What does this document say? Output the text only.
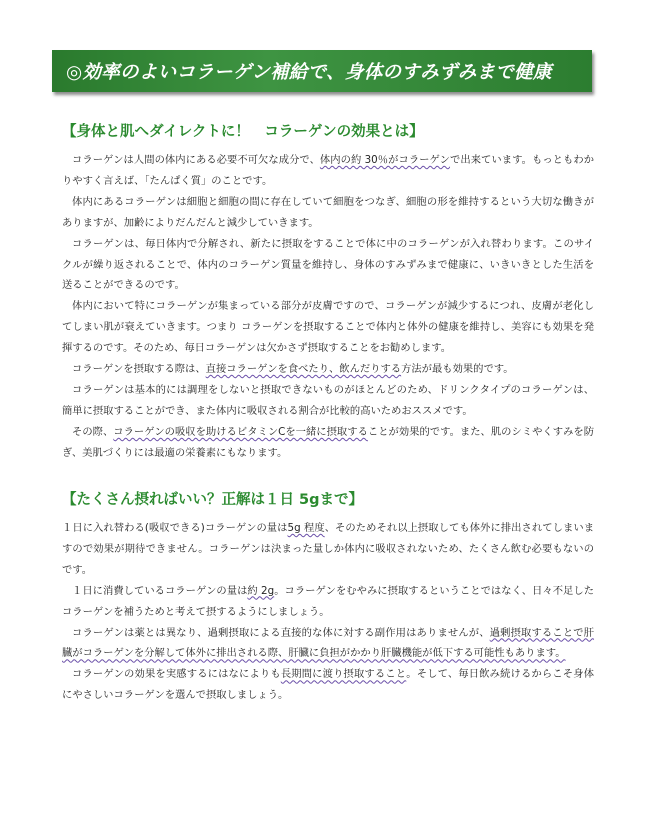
◎効率のよいコラーゲン補給で、身体のすみずみまで健康
【身体と肌へダイレクトに！　コラーゲンの効果とは】

コラーゲンは人間の体内にある必要不可欠な成分で、体内の約 30％がコラーゲンで出来ています。もっともわかりやすく言えば、「たんぱく質」のことです。

体内にあるコラーゲンは細胞と細胞の間に存在していて細胞をつなぎ、細胞の形を維持するという大切な働きがありますが、加齢によりだんだんと減少していきます。

コラーゲンは、毎日体内で分解され、新たに摂取をすることで体に中のコラーゲンが入れ替わります。このサイクルが繰り返されることで、体内のコラーゲン質量を維持し、身体のすみずみまで健康に、いきいきとした生活を送ることができるのです。

体内において特にコラーゲンが集まっている部分が皮膚ですので、コラーゲンが減少するにつれ、皮膚が老化してしまい肌が衰えていきます。つまり コラーゲンを摂取することで体内と体外の健康を維持し、美容にも効果を発揮するのです。そのため、毎日コラーゲンは欠かさず摂取することをお勧めします。

コラーゲンを摂取する際は、直接コラーゲンを食べたり、飲んだりする方法が最も効果的です。

コラーゲンは基本的には調理をしないと摂取できないものがほとんどのため、ドリンクタイプのコラーゲンは、簡単に摂取することができ、また体内に吸収される割合が比較的高いためおススメです。

その際、コラーゲンの吸収を助けるビタミンCを一緒に摂取することが効果的です。また、肌のシミやくすみを防ぎ、美肌づくりには最適の栄養素にもなります。

【たくさん摂ればいい？正解は１日 5gまで】

１日に入れ替わる(吸収できる)コラーゲンの量は5g 程度、そのためそれ以上摂取しても体外に排出されてしまいますので効果が期待できません。コラーゲンは決まった量しか体内に吸収されないため、たくさん飲む必要もないのです。

１日に消費しているコラーゲンの量は約 2g。コラーゲンをむやみに摂取するということではなく、日々不足したコラーゲンを補うためと考えて摂するようにしましょう。

コラーゲンは薬とは異なり、過剰摂取による直接的な体に対する副作用はありませんが、過剰摂取することで肝臓がコラーゲンを分解して体外に排出される際、肝臓に負担がかかり肝臓機能が低下する可能性もあります。

コラーゲンの効果を実感するにはなによりも長期間に渡り摂取すること。そして、毎日飲み続けるからこそ身体にやさしいコラーゲンを選んで摂取しましょう。
